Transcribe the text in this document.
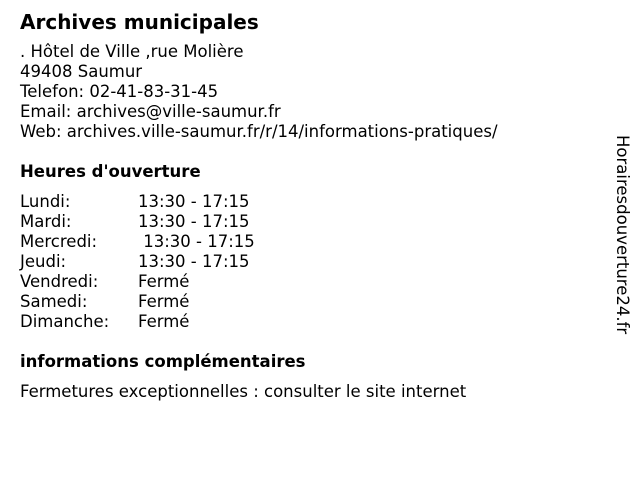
Archives municipales
. Hôtel de Ville ,rue Molière
49408 Saumur
Telefon: 02-41-83-31-45
Email: archives@ville-saumur.fr
Web: archives.ville-saumur.fr/r/14/informations-pratiques/
Heures d'ouverture
Lundi:	13:30 - 17:15
Mardi:	13:30 - 17:15
Mercredi:	13:30 - 17:15
Jeudi:	13:30 - 17:15
Vendredi:	Fermé
Samedi:	Fermé
Dimanche:	Fermé
informations complémentaires
Fermetures exceptionnelles : consulter le site internet
Horairesdouverture24.fr
